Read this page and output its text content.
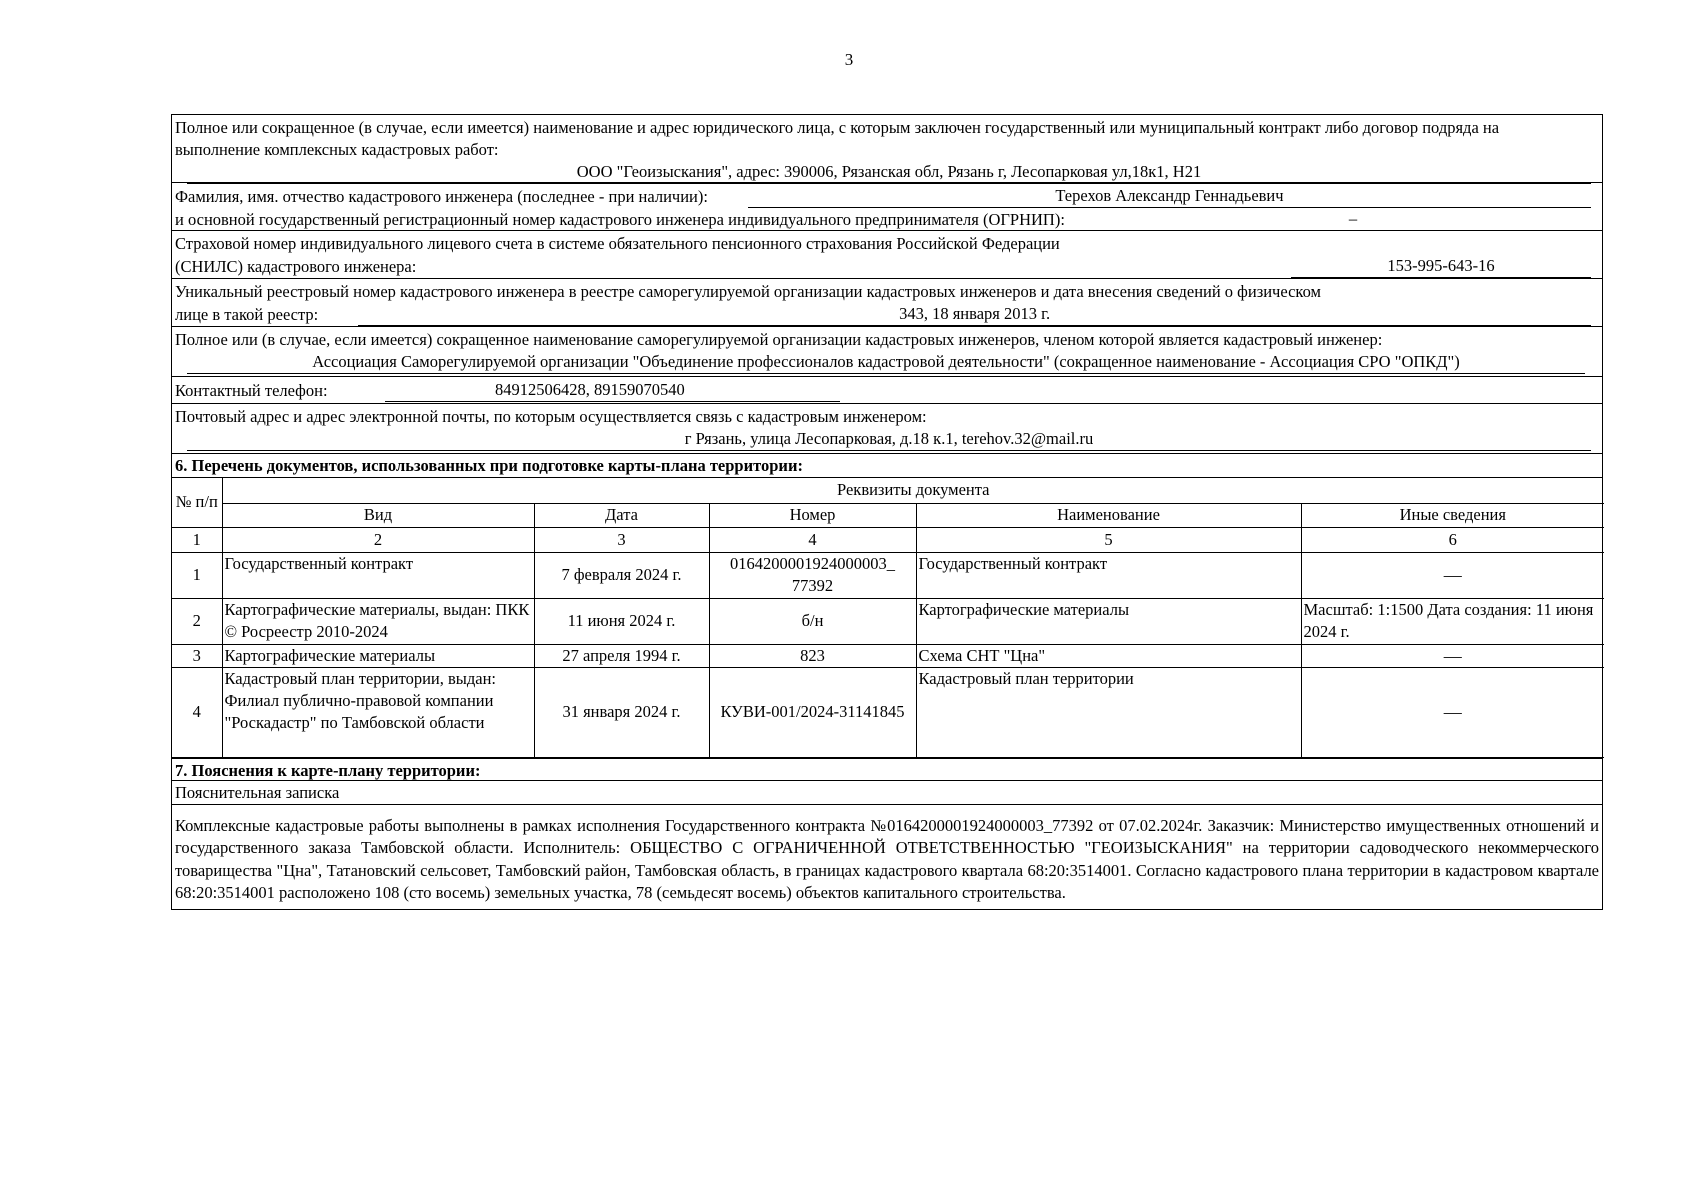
3
Полное или сокращенное (в случае, если имеется) наименование и адрес юридического лица, с которым заключен государственный или муниципальный контракт либо договор подряда на выполнение комплексных кадастровых работ:
ООО "Геоизыскания", адрес: 390006, Рязанская обл, Рязань г, Лесопарковая ул,18к1, Н21
Фамилия, имя. отчество кадастрового инженера (последнее - при наличии):	Терехов Александр Геннадьевич
и основной государственный регистрационный номер кадастрового инженера индивидуального предпринимателя (ОГРНИП):	–
Страховой номер индивидуального лицевого счета в системе обязательного пенсионного страхования Российской Федерации
(СНИЛС) кадастрового инженера:	153-995-643-16
Уникальный реестровый номер кадастрового инженера в реестре саморегулируемой организации кадастровых инженеров и дата внесения сведений о физическом
лице в такой реестр:	343, 18 января 2013 г.
Полное или (в случае, если имеется) сокращенное наименование саморегулируемой организации кадастровых инженеров, членом которой является кадастровый инженер:
Ассоциация Саморегулируемой организации "Объединение профессионалов кадастровой деятельности" (сокращенное наименование - Ассоциация СРО "ОПКД")
Контактный телефон:	84912506428, 89159070540
Почтовый адрес и адрес электронной почты, по которым осуществляется связь с кадастровым инженером:
г Рязань, улица Лесопарковая, д.18 к.1, terehov.32@mail.ru
6. Перечень документов, использованных при подготовке карты-плана территории:
№ п/п	Реквизиты документа				
	Вид	Дата	Номер	Наименование	Иные сведения
1	2	3	4	5	6
1	Государственный контракт	7 февраля 2024 г.	0164200001924000003_ 77392	Государственный контракт	—
2	Картографические материалы, выдан: ПКК © Росреестр 2010-2024	11 июня 2024 г.	б/н	Картографические материалы	Масштаб: 1:1500 Дата создания: 11 июня 2024 г.
3	Картографические материалы	27 апреля 1994 г.	823	Схема СНТ "Цна"	—
4	Кадастровый план территории, выдан: Филиал публично-правовой компании "Роскадастр" по Тамбовской области	31 января 2024 г.	КУВИ-001/2024-31141845	Кадастровый план территории	—
7. Пояснения к карте-плану территории:
Пояснительная записка
Комплексные кадастровые работы выполнены в рамках исполнения Государственного контракта №0164200001924000003_77392 от 07.02.2024г. Заказчик: Министерство имущественных отношений и государственного заказа Тамбовской области. Исполнитель: ОБЩЕСТВО С ОГРАНИЧЕННОЙ ОТВЕТСТВЕННОСТЬЮ "ГЕОИЗЫСКАНИЯ" на территории садоводческого некоммерческого товарищества "Цна", Татановский сельсовет, Тамбовский район, Тамбовская область, в границах кадастрового квартала 68:20:3514001. Согласно кадастрового плана территории в кадастровом квартале 68:20:3514001 расположено 108 (сто восемь) земельных участка, 78 (семьдесят восемь) объектов капитального строительства.
